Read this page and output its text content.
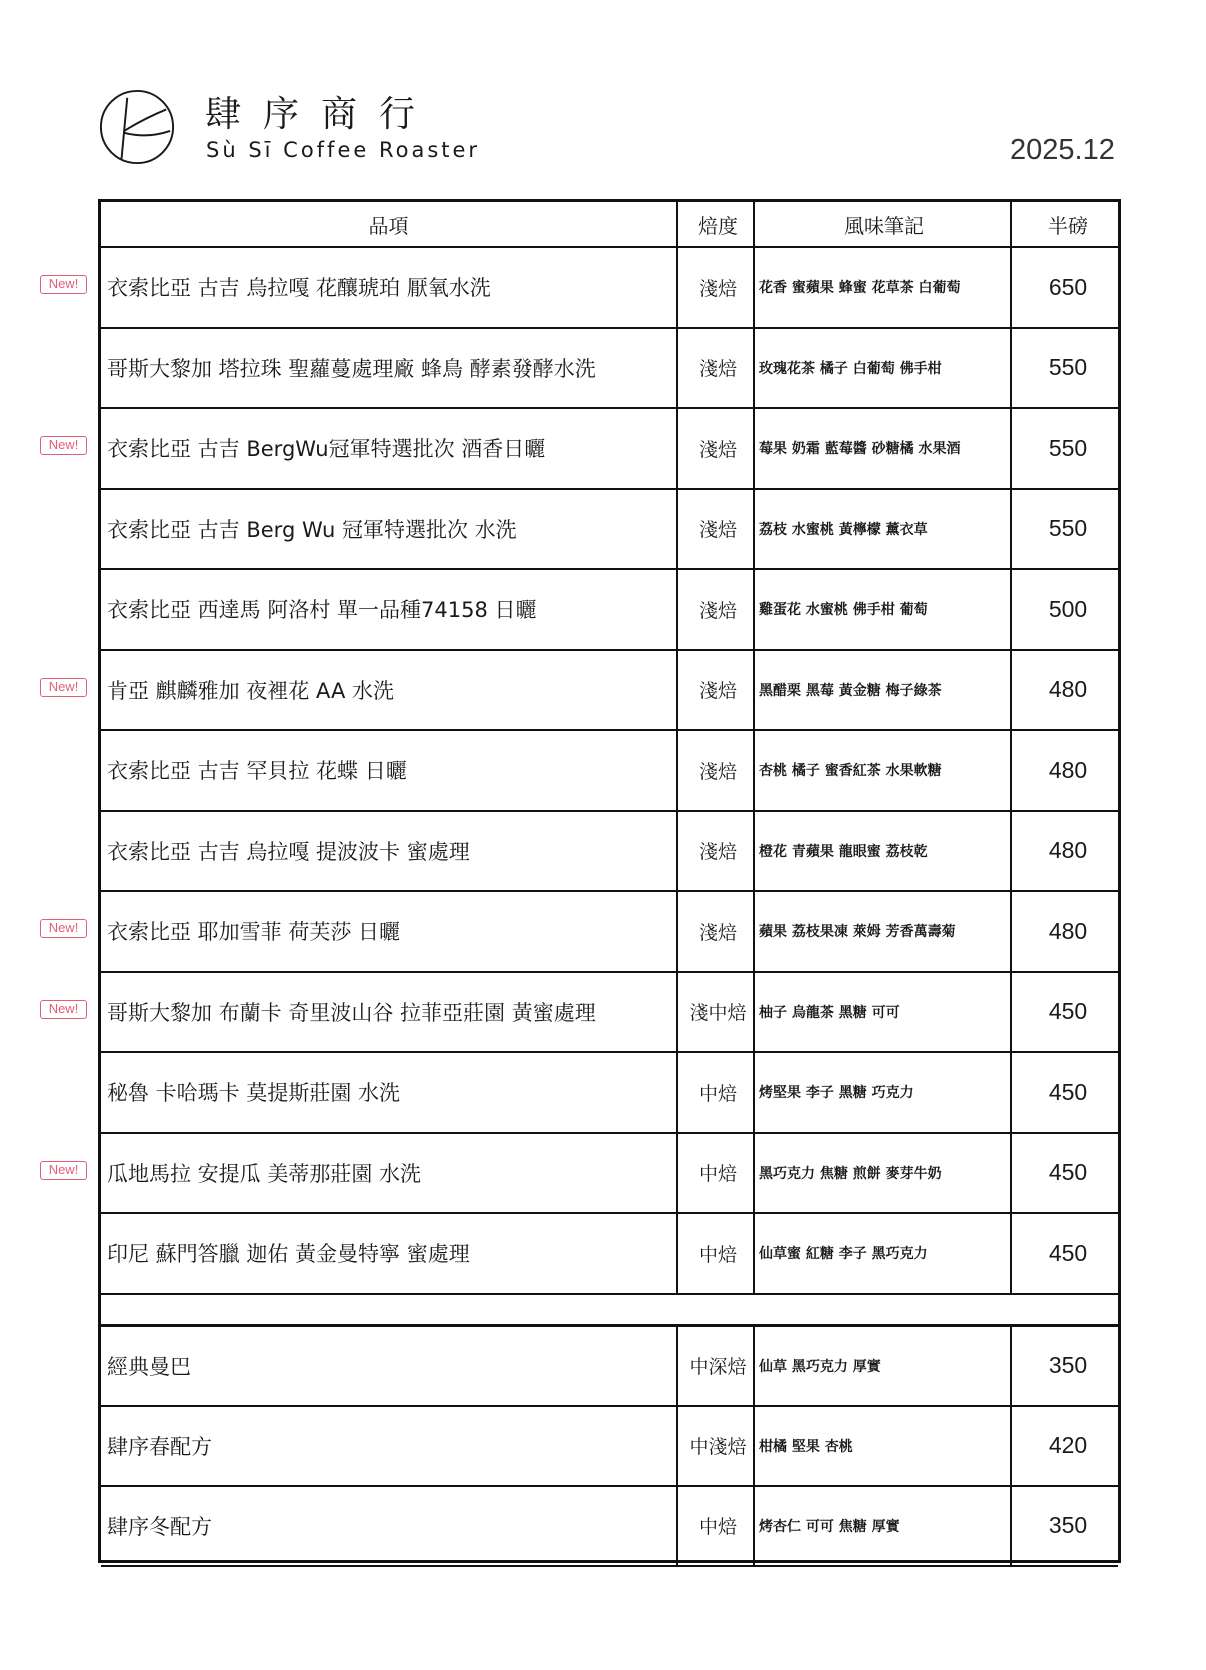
肆序商行
Sù Sī Coffee Roaster	2025.12
New!
New!
New!
New!
New!
New!
品項	焙度	風味筆記	半磅
衣索比亞 古吉 烏拉嘎 花釀琥珀 厭氧水洗	淺焙	花香 蜜蘋果 蜂蜜 花草茶 白葡萄	650
哥斯大黎加 塔拉珠 聖蘿蔓處理廠 蜂鳥 酵素發酵水洗	淺焙	玫瑰花茶 橘子 白葡萄 佛手柑	550
衣索比亞 古吉 BergWu冠軍特選批次 酒香日曬	淺焙	莓果 奶霜 藍莓醬 砂糖橘 水果酒	550
衣索比亞 古吉 Berg Wu 冠軍特選批次 水洗	淺焙	荔枝 水蜜桃 黃檸檬 薰衣草	550
衣索比亞 西達馬 阿洛村 單一品種74158 日曬	淺焙	雞蛋花 水蜜桃 佛手柑 葡萄	500
肯亞 麒麟雅加 夜裡花 AA 水洗	淺焙	黑醋栗 黑莓 黃金糖 梅子綠茶	480
衣索比亞 古吉 罕貝拉 花蝶 日曬	淺焙	杏桃 橘子 蜜香紅茶 水果軟糖	480
衣索比亞 古吉 烏拉嘎 提波波卡 蜜處理	淺焙	橙花 青蘋果 龍眼蜜 荔枝乾	480
衣索比亞 耶加雪菲 荷芙莎 日曬	淺焙	蘋果 荔枝果凍 萊姆 芳香萬壽菊	480
哥斯大黎加 布蘭卡 奇里波山谷 拉菲亞莊園 黃蜜處理	淺中焙 柚子 烏龍茶 黑糖 可可	450
秘魯 卡哈瑪卡 莫提斯莊園 水洗	中焙	烤堅果 李子 黑糖 巧克力	450
瓜地馬拉 安提瓜 美蒂那莊園 水洗	中焙	黑巧克力 焦糖 煎餅 麥芽牛奶	450
印尼 蘇門答臘 迦佑 黃金曼特寧 蜜處理	中焙	仙草蜜 紅糖 李子 黑巧克力	450
經典曼巴	中深焙 仙草 黑巧克力 厚實	350
肆序春配方	中淺焙 柑橘 堅果 杏桃	420
肆序冬配方	中焙	烤杏仁 可可 焦糖 厚實	350
